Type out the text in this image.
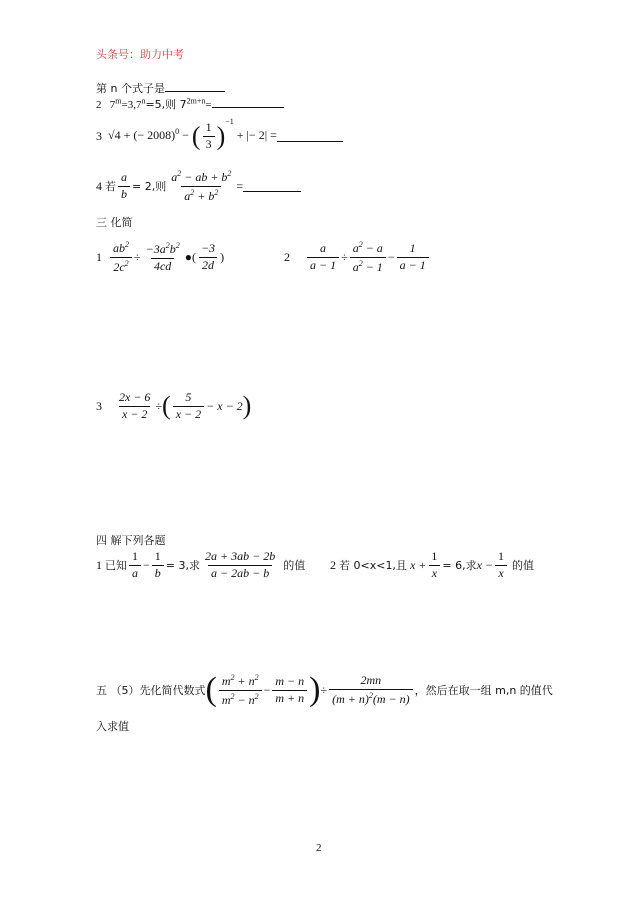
头条号：助力中考
第 n 个式子是
2 $7^m=3,7^n=5$,则 $7^{2m+n}=$
3
√4 + (− 2008)$^0$ − ( $\frac{1}{3} )^{-1}$ + |− 2| =
4
若 $\frac{a}{b} = 2$,则 $\frac{a^2 - ab + b^2}{a^2 + b^2}$ =
三 化简
1
$\frac{ab^2}{2c^2} \div \frac{-3a^2b^2}{4cd}$ ●( $\frac{-3}{2d}$ )	2
$\frac{a}{a - 1} \div \frac{a^2 - a}{a^2 - 1} - \frac{1}{a - 1}$
3
$\frac{2x - 6}{x - 2}$ ÷ ( $\frac{5}{x - 2} - x - 2$ )
四 解下列各题
1
已知 $\frac{1}{a} - \frac{1}{b} = 3$,求 $\frac{2a + 3ab - 2b}{a - 2ab - b}$
的值 2
若 0<x<1,且 $x + \frac{1}{x} = 6$,求 $x - \frac{1}{x}$
的值
五 （5）先化简代数式 ( $\frac{m^2 + n^2}{m^2 - n^2} - \frac{m - n}{m + n}$ ) ÷ $\frac{2mn}{(m + n)^2(m - n)}$ ，然后在取一组 m,n 的值代
入求值
2
